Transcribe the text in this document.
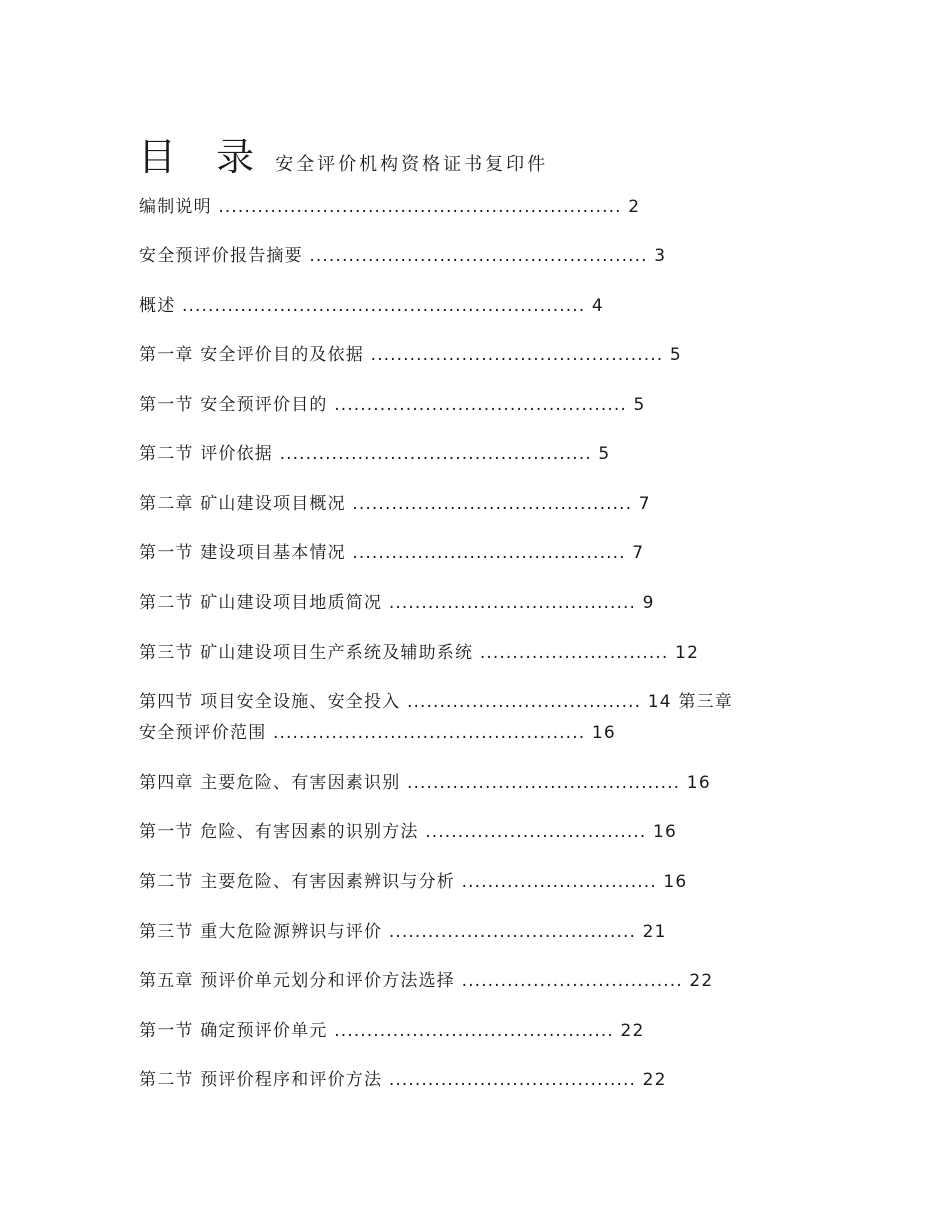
目 录 安全评价机构资格证书复印件
编制说明 .............................................................. 2
安全预评价报告摘要 .................................................... 3
概述 .............................................................. 4
第一章 安全评价目的及依据 ............................................. 5
第一节 安全预评价目的 ............................................. 5
第二节 评价依据 ................................................ 5
第二章 矿山建设项目概况 ........................................... 7
第一节 建设项目基本情况 .......................................... 7
第二节 矿山建设项目地质简况 ...................................... 9
第三节 矿山建设项目生产系统及辅助系统 ............................. 12
第四节 项目安全设施、安全投入 .................................... 14 第三章
安全预评价范围 ................................................ 16
第四章 主要危险、有害因素识别 .......................................... 16
第一节 危险、有害因素的识别方法 .................................. 16
第二节 主要危险、有害因素辨识与分析 .............................. 16
第三节 重大危险源辨识与评价 ...................................... 21
第五章 预评价单元划分和评价方法选择 .................................. 22
第一节 确定预评价单元 ........................................... 22
第二节 预评价程序和评价方法 ...................................... 22
